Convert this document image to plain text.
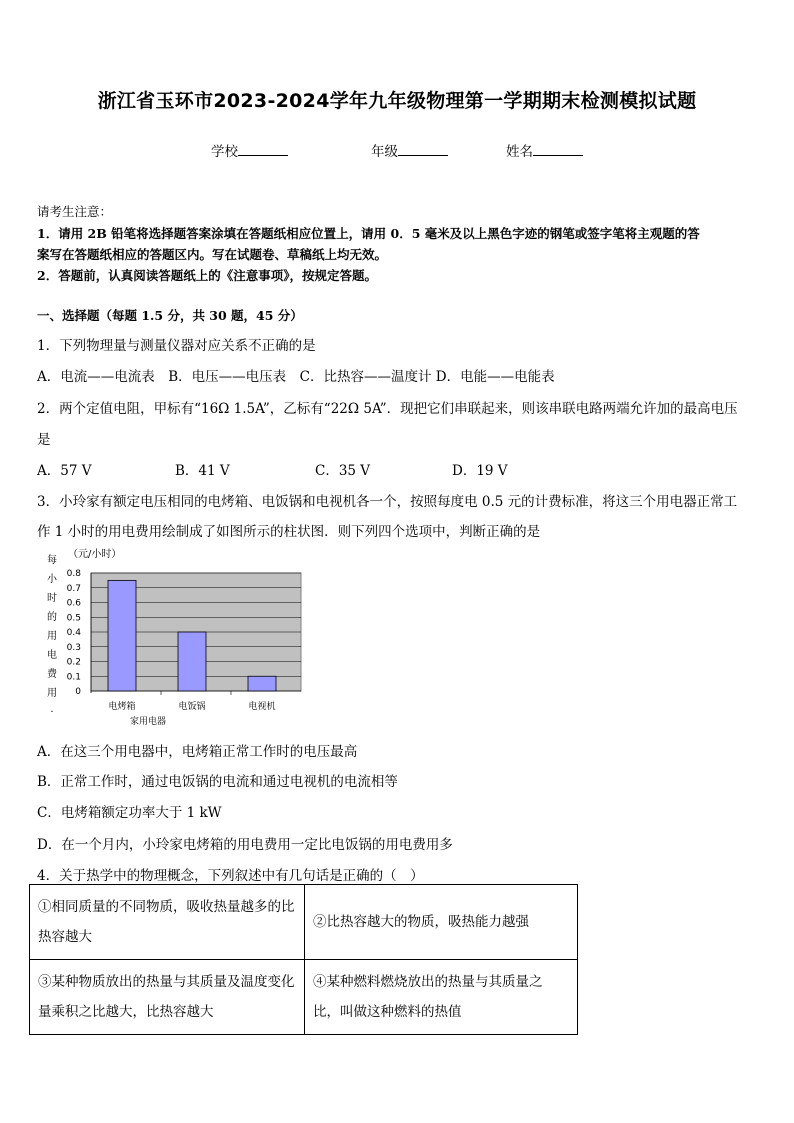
浙江省玉环市2023-2024学年九年级物理第一学期期末检测模拟试题
学校	年级	姓名
请考生注意：
1．请用 2B 铅笔将选择题答案涂填在答题纸相应位置上，请用 0．5 毫米及以上黑色字迹的钢笔或签字笔将主观题的答
案写在答题纸相应的答题区内。写在试题卷、草稿纸上均无效。
2．答题前，认真阅读答题纸上的《注意事项》，按规定答题。
一、选择题（每题 1.5 分，共 30 题，45 分）
1．下列物理量与测量仪器对应关系不正确的是
A．电流——电流表　B．电压——电压表　C．比热容——温度计 D．电能——电能表
2．两个定值电阻，甲标有“16Ω 1.5A”，乙标有“22Ω 5A”．现把它们串联起来，则该串联电路两端允许加的最高电压
是
A．57 V	B．41 V	C．35 V	D．19 V
3．小玲家有额定电压相同的电烤箱、电饭锅和电视机各一个，按照每度电 0.5 元的计费标准，将这三个用电器正常工
作 1 小时的用电费用绘制成了如图所示的柱状图．则下列四个选项中，判断正确的是
0
0.1
0.2
0.3
0.4
0.5
0.6
0.7
0.8
电烤箱	电饭锅	电视机
（元/小时）
每
小
时
的
用
电
费
用
·
家用电器
A．在这三个用电器中，电烤箱正常工作时的电压最高
B．正常工作时，通过电饭锅的电流和通过电视机的电流相等
C．电烤箱额定功率大于 1 kW
D．在一个月内，小玲家电烤箱的用电费用一定比电饭锅的用电费用多
4．关于热学中的物理概念，下列叙述中有几句话是正确的（　）
①相同质量的不同物质，吸收热量越多的比热容越大	②比热容越大的物质，吸热能力越强
③某种物质放出的热量与其质量及温度变化量乘积之比越大，比热容越大	④某种燃料燃烧放出的热量与其质量之比，叫做这种燃料的热值
